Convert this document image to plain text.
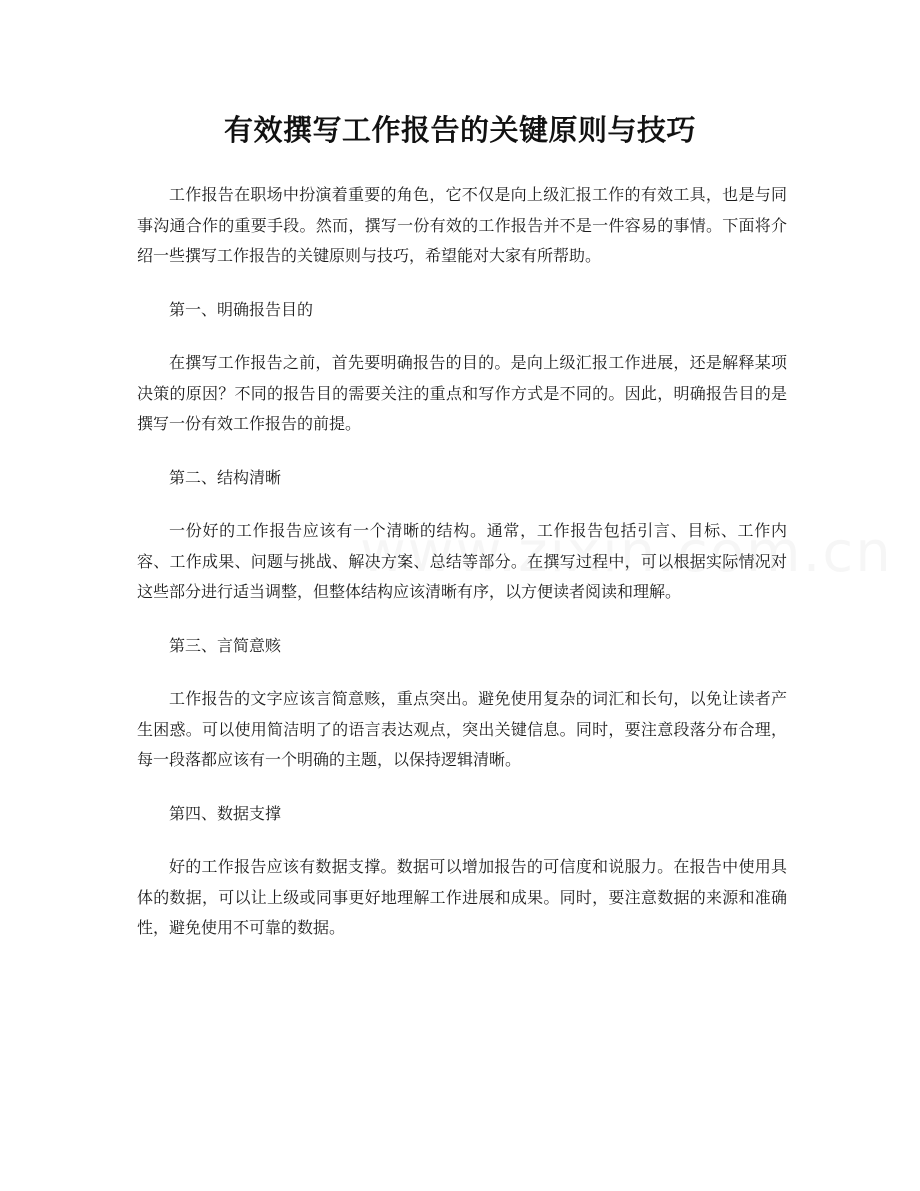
有效撰写工作报告的关键原则与技巧

工作报告在职场中扮演着重要的角色，它不仅是向上级汇报工作的有效工具，也是与同事沟通合作的重要手段。然而，撰写一份有效的工作报告并不是一件容易的事情。下面将介绍一些撰写工作报告的关键原则与技巧，希望能对大家有所帮助。

第一、明确报告目的

在撰写工作报告之前，首先要明确报告的目的。是向上级汇报工作进展，还是解释某项决策的原因？不同的报告目的需要关注的重点和写作方式是不同的。因此，明确报告目的是撰写一份有效工作报告的前提。

第二、结构清晰

一份好的工作报告应该有一个清晰的结构。通常，工作报告包括引言、目标、工作内容、工作成果、问题与挑战、解决方案、总结等部分。在撰写过程中，可以根据实际情况对这些部分进行适当调整，但整体结构应该清晰有序，以方便读者阅读和理解。

第三、言简意赅

工作报告的文字应该言简意赅，重点突出。避免使用复杂的词汇和长句，以免让读者产生困惑。可以使用简洁明了的语言表达观点，突出关键信息。同时，要注意段落分布合理，每一段落都应该有一个明确的主题，以保持逻辑清晰。

第四、数据支撑

好的工作报告应该有数据支撑。数据可以增加报告的可信度和说服力。在报告中使用具体的数据，可以让上级或同事更好地理解工作进展和成果。同时，要注意数据的来源和准确性，避免使用不可靠的数据。
